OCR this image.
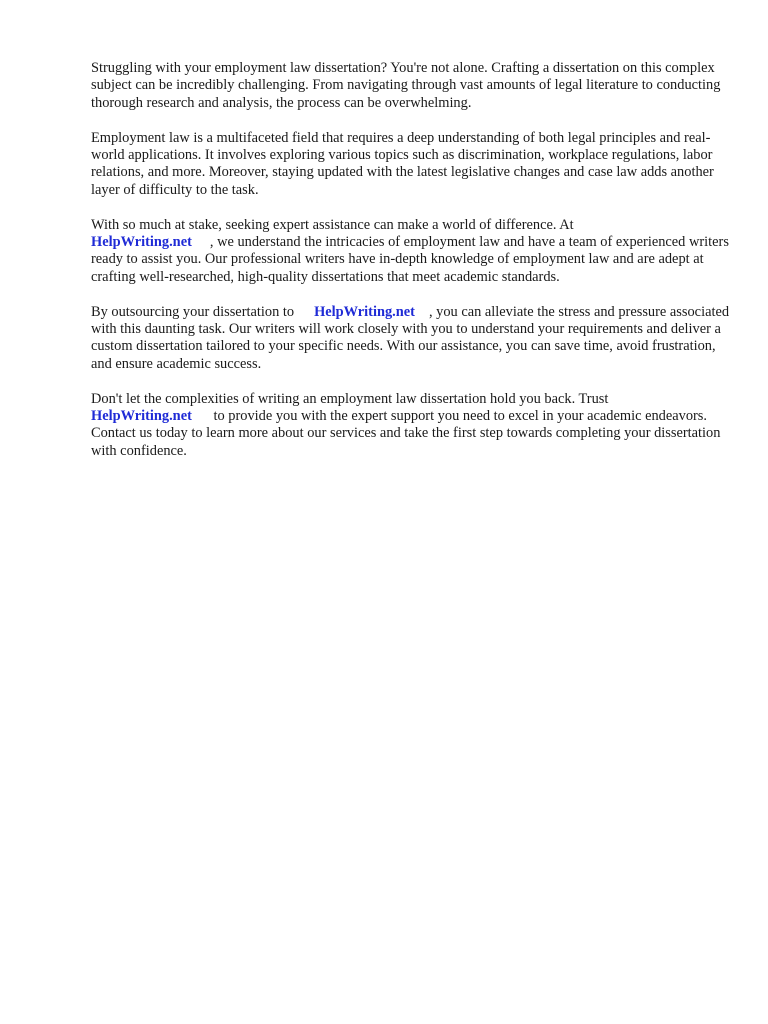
Struggling with your employment law dissertation? You're not alone. Crafting a dissertation on this complex subject can be incredibly challenging. From navigating through vast amounts of legal literature to conducting thorough research and analysis, the process can be overwhelming.

Employment law is a multifaceted field that requires a deep understanding of both legal principles and real-world applications. It involves exploring various topics such as discrimination, workplace regulations, labor relations, and more. Moreover, staying updated with the latest legislative changes and case law adds another layer of difficulty to the task.

With so much at stake, seeking expert assistance can make a world of difference. At
HelpWriting.net , we understand the intricacies of employment law and have a team of experienced writers ready to assist you. Our professional writers have in-depth knowledge of employment law and are adept at crafting well-researched, high-quality dissertations that meet academic standards.

By outsourcing your dissertation to HelpWriting.net , you can alleviate the stress and pressure associated with this daunting task. Our writers will work closely with you to understand your requirements and deliver a custom dissertation tailored to your specific needs. With our assistance, you can save time, avoid frustration, and ensure academic success.

Don't let the complexities of writing an employment law dissertation hold you back. Trust
HelpWriting.net to provide you with the expert support you need to excel in your academic endeavors. Contact us today to learn more about our services and take the first step towards completing your dissertation with confidence.
